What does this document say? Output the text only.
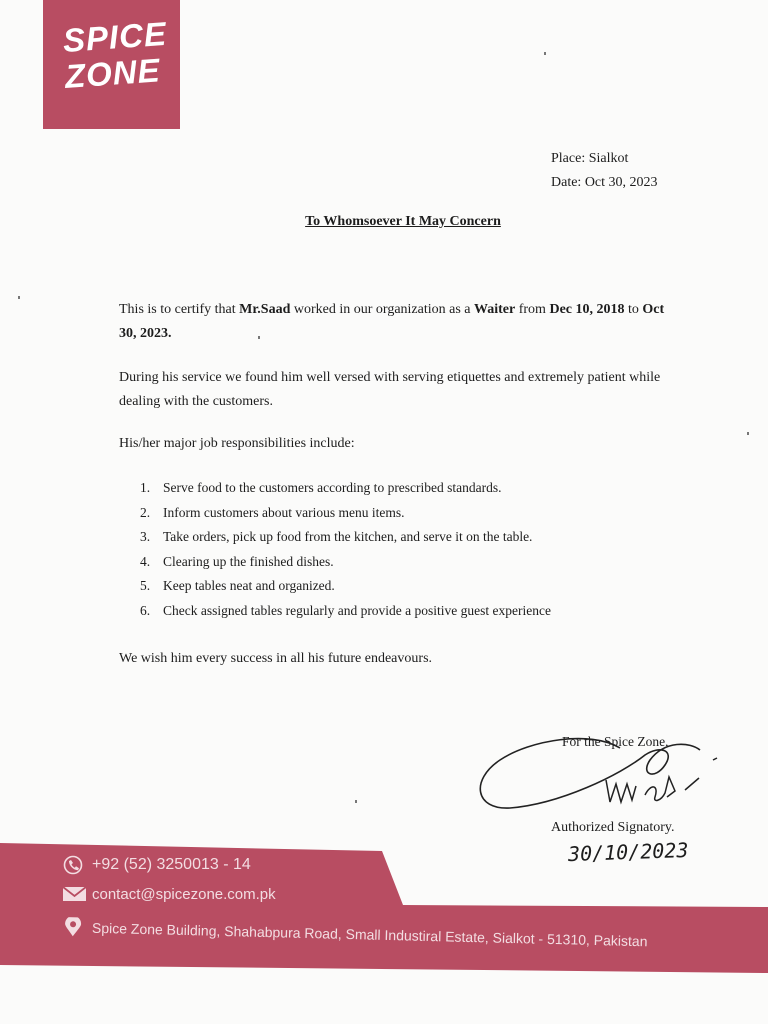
SPICE
ZONE
Place: Sialkot
Date: Oct 30, 2023
To Whomsoever It May Concern
This is to certify that Mr.Saad worked in our organization as a Waiter from Dec 10, 2018 to Oct 30, 2023.
During his service we found him well versed with serving etiquettes and extremely patient while dealing with the customers.
His/her major job responsibilities include:
1. Serve food to the customers according to prescribed standards.
2. Inform customers about various menu items.
3. Take orders, pick up food from the kitchen, and serve it on the table.
4. Clearing up the finished dishes.
5. Keep tables neat and organized.
6. Check assigned tables regularly and provide a positive guest experience
We wish him every success in all his future endeavours.
For the Spice Zone,
Authorized Signatory.
30/10/2023
+92 (52) 3250013 - 14
contact@spicezone.com.pk
Spice Zone Building, Shahabpura Road, Small Industiral Estate, Sialkot - 51310, Pakistan
